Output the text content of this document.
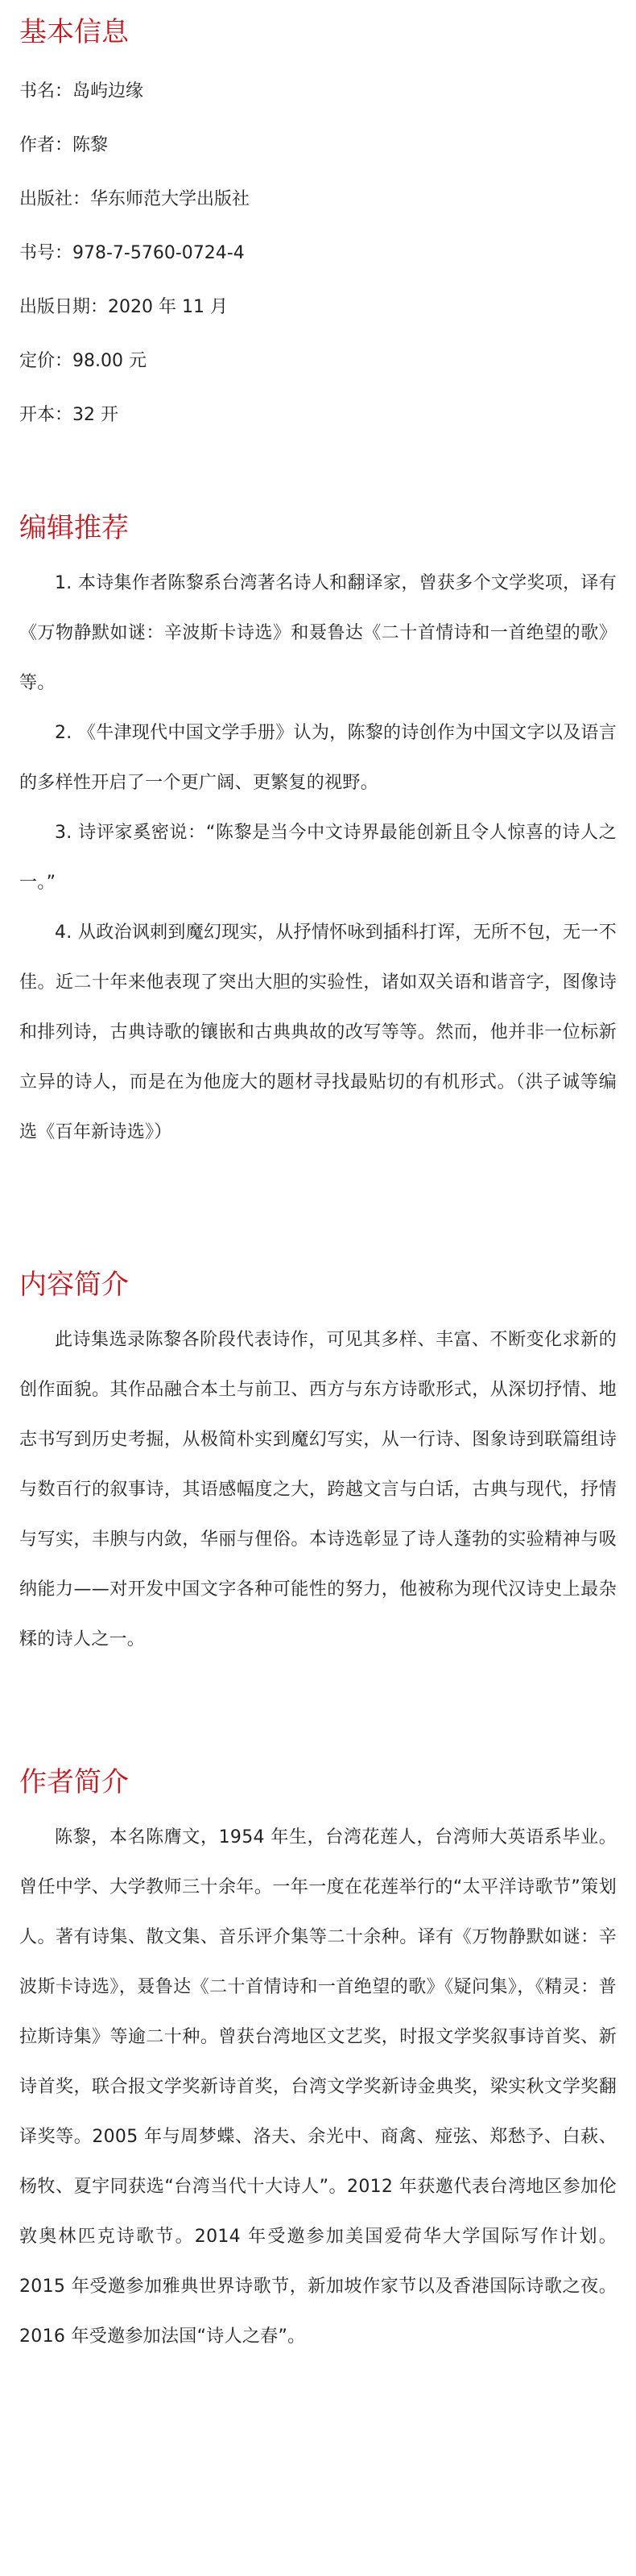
基本信息
书名：岛屿边缘
作者：陈黎
出版社：华东师范大学出版社
书号：978-7-5760-0724-4
出版日期：2020 年 11 月
定价：98.00 元
开本：32 开
编辑推荐

1. 本诗集作者陈黎系台湾著名诗人和翻译家，曾获多个文学奖项，译有《万物静默如谜：辛波斯卡诗选》和聂鲁达《二十首情诗和一首绝望的歌》等。

2. 《牛津现代中国文学手册》认为，陈黎的诗创作为中国文字以及语言的多样性开启了一个更广阔、更繁复的视野。

3. 诗评家奚密说：“陈黎是当今中文诗界最能创新且令人惊喜的诗人之一。”

4. 从政治讽刺到魔幻现实，从抒情怀咏到插科打诨，无所不包，无一不佳。近二十年来他表现了突出大胆的实验性，诸如双关语和谐音字，图像诗和排列诗，古典诗歌的镶嵌和古典典故的改写等等。然而，他并非一位标新立异的诗人，而是在为他庞大的题材寻找最贴切的有机形式。（洪子诚等编选《百年新诗选》）

内容简介

此诗集选录陈黎各阶段代表诗作，可见其多样、丰富、不断变化求新的创作面貌。其作品融合本土与前卫、西方与东方诗歌形式，从深切抒情、地志书写到历史考掘，从极简朴实到魔幻写实，从一行诗、图象诗到联篇组诗与数百行的叙事诗，其语感幅度之大，跨越文言与白话，古典与现代，抒情与写实，丰腴与内敛，华丽与俚俗。本诗选彰显了诗人蓬勃的实验精神与吸纳能力——对开发中国文字各种可能性的努力，他被称为现代汉诗史上最杂糅的诗人之一。

作者简介

陈黎，本名陈膺文，1954 年生，台湾花莲人，台湾师大英语系毕业。曾任中学、大学教师三十余年。一年一度在花莲举行的“太平洋诗歌节”策划人。著有诗集、散文集、音乐评介集等二十余种。译有《万物静默如谜：辛波斯卡诗选》，聂鲁达《二十首情诗和一首绝望的歌》《疑问集》，《精灵：普拉斯诗集》等逾二十种。曾获台湾地区文艺奖，时报文学奖叙事诗首奖、新诗首奖，联合报文学奖新诗首奖，台湾文学奖新诗金典奖，梁实秋文学奖翻译奖等。2005 年与周梦蝶、洛夫、余光中、商禽、痖弦、郑愁予、白萩、杨牧、夏宇同获选“台湾当代十大诗人”。2012 年获邀代表台湾地区参加伦敦奥林匹克诗歌节。2014 年受邀参加美国爱荷华大学国际写作计划。2015 年受邀参加雅典世界诗歌节，新加坡作家节以及香港国际诗歌之夜。2016 年受邀参加法国“诗人之春”。
